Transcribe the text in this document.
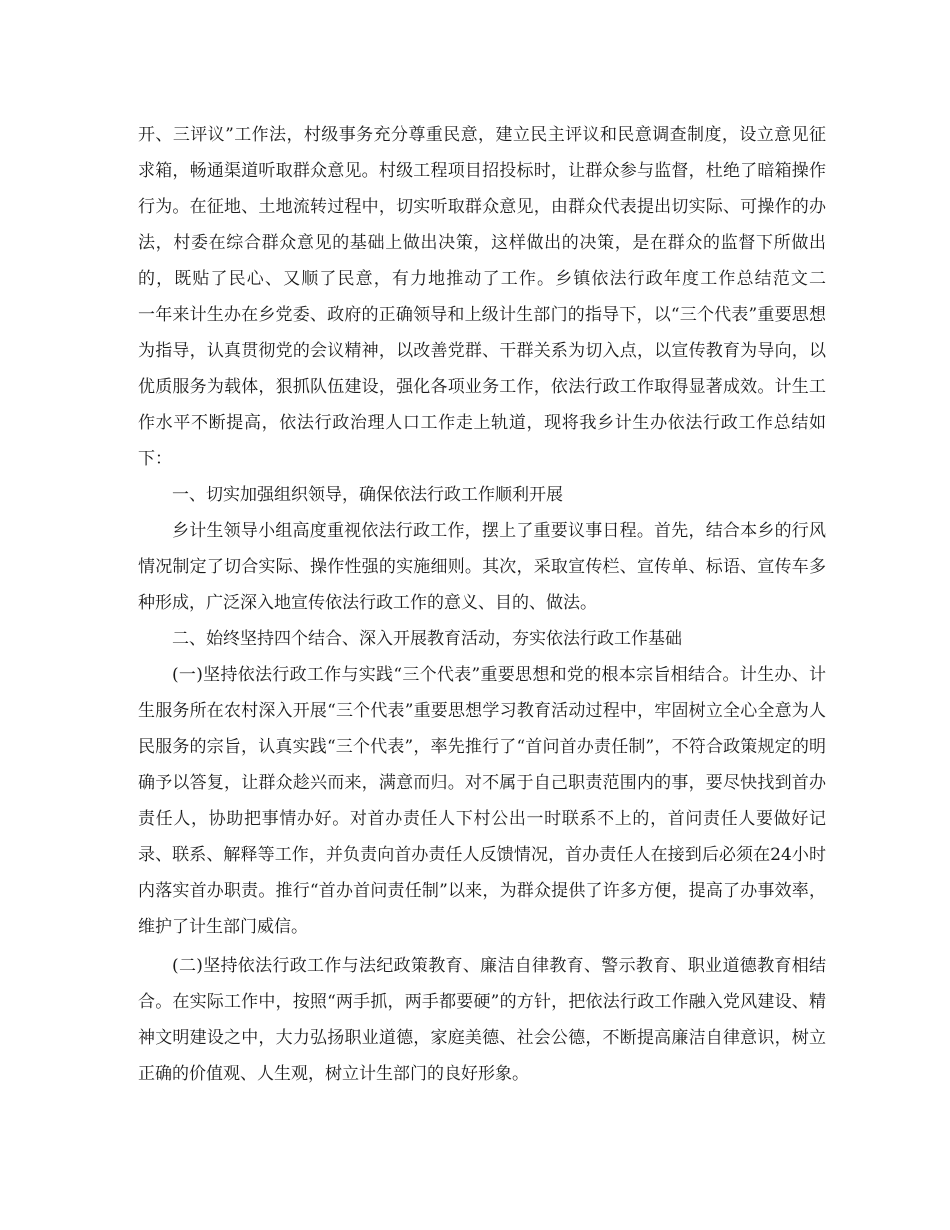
开、三评议”工作法，村级事务充分尊重民意，建立民主评议和民意调查制度，设立意见征求箱，畅通渠道听取群众意见。村级工程项目招投标时，让群众参与监督，杜绝了暗箱操作行为。在征地、土地流转过程中，切实听取群众意见，由群众代表提出切实际、可操作的办法，村委在综合群众意见的基础上做出决策，这样做出的决策，是在群众的监督下所做出的，既贴了民心、又顺了民意，有力地推动了工作。乡镇依法行政年度工作总结范文二　　一年来计生办在乡党委、政府的正确领导和上级计生部门的指导下，以“三个代表”重要思想为指导，认真贯彻党的会议精神，以改善党群、干群关系为切入点，以宣传教育为导向，以优质服务为载体，狠抓队伍建设，强化各项业务工作，依法行政工作取得显著成效。计生工作水平不断提高，依法行政治理人口工作走上轨道，现将我乡计生办依法行政工作总结如下：

一、切实加强组织领导，确保依法行政工作顺利开展

乡计生领导小组高度重视依法行政工作，摆上了重要议事日程。首先，结合本乡的行风情况制定了切合实际、操作性强的实施细则。其次，采取宣传栏、宣传单、标语、宣传车多种形成，广泛深入地宣传依法行政工作的意义、目的、做法。

二、始终坚持四个结合、深入开展教育活动，夯实依法行政工作基础

(一)坚持依法行政工作与实践“三个代表”重要思想和党的根本宗旨相结合。计生办、计生服务所在农村深入开展“三个代表”重要思想学习教育活动过程中，牢固树立全心全意为人民服务的宗旨，认真实践“三个代表”，率先推行了“首问首办责任制”，不符合政策规定的明确予以答复，让群众趁兴而来，满意而归。对不属于自己职责范围内的事，要尽快找到首办责任人，协助把事情办好。对首办责任人下村公出一时联系不上的，首问责任人要做好记录、联系、解释等工作，并负责向首办责任人反馈情况，首办责任人在接到后必须在24小时内落实首办职责。推行“首办首问责任制”以来，为群众提供了许多方便，提高了办事效率，维护了计生部门威信。

(二)坚持依法行政工作与法纪政策教育、廉洁自律教育、警示教育、职业道德教育相结合。在实际工作中，按照“两手抓，两手都要硬”的方针，把依法行政工作融入党风建设、精神文明建设之中，大力弘扬职业道德，家庭美德、社会公德，不断提高廉洁自律意识，树立正确的价值观、人生观，树立计生部门的良好形象。
